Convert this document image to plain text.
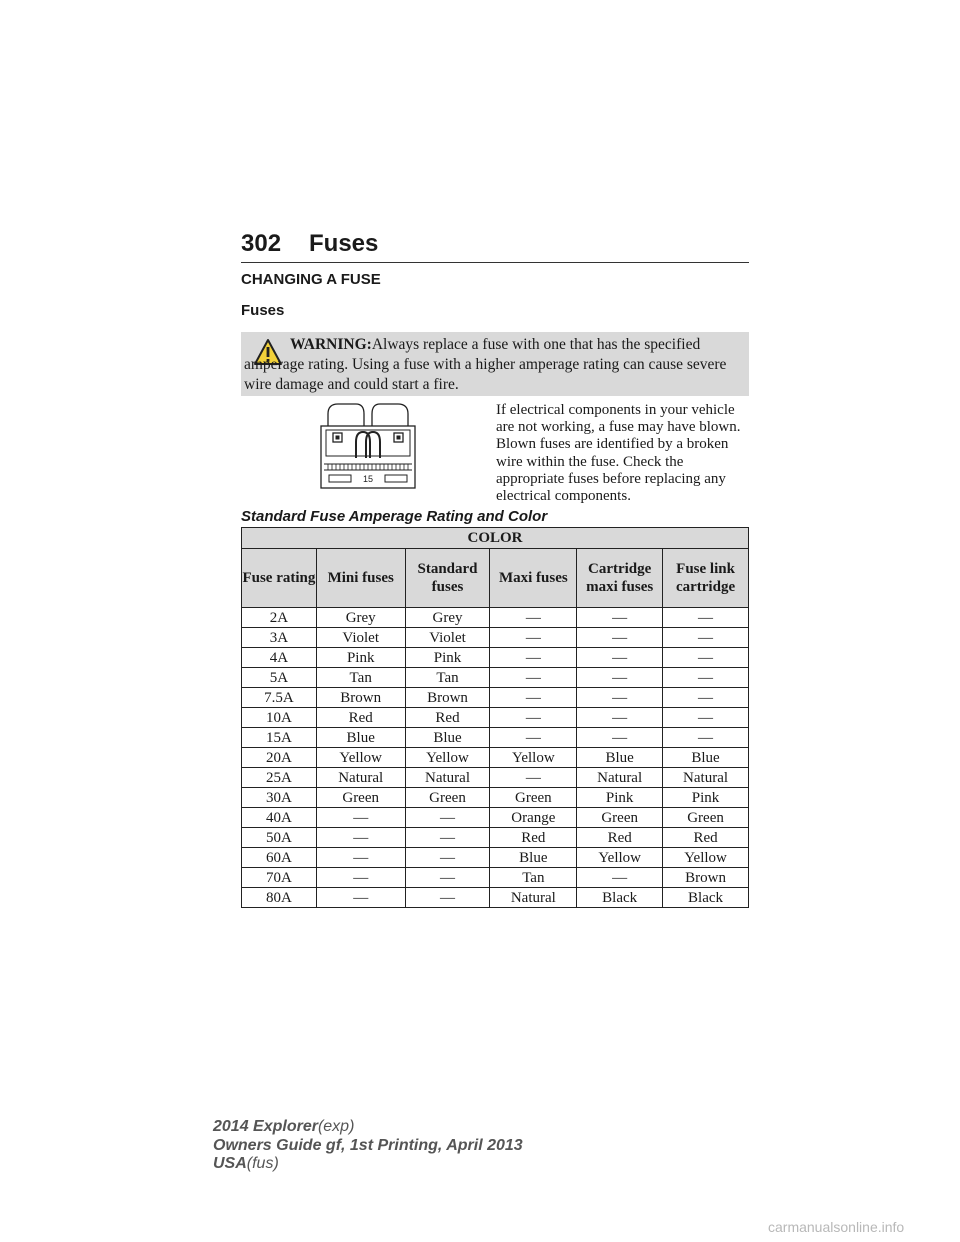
302 Fuses
CHANGING A FUSE
Fuses
WARNING:Always replace a fuse with one that has the specified amperage rating. Using a fuse with a higher amperage rating can cause severe wire damage and could start a fire.
15
If electrical components in your vehicle are not working, a fuse may have blown. Blown fuses are identified by a broken wire within the fuse. Check the appropriate fuses before replacing any electrical components.
Standard Fuse Amperage Rating and Color
COLOR					
Fuse rating	Mini fuses	Standard fuses	Maxi fuses	Cartridge maxi fuses	Fuse link cartridge
2A	Grey	Grey	—	—	—
3A	Violet	Violet	—	—	—
4A	Pink	Pink	—	—	—
5A	Tan	Tan	—	—	—
7.5A	Brown	Brown	—	—	—
10A	Red	Red	—	—	—
15A	Blue	Blue	—	—	—
20A	Yellow	Yellow	Yellow	Blue	Blue
25A	Natural	Natural	—	Natural	Natural
30A	Green	Green	Green	Pink	Pink
40A	—	—	Orange	Green	Green
50A	—	—	Red	Red	Red
60A	—	—	Blue	Yellow	Yellow
70A	—	—	Tan	—	Brown
80A	—	—	Natural	Black	Black
2014 Explorer(exp)
Owners Guide gf, 1st Printing, April 2013
USA(fus)
carmanualsonline.info
